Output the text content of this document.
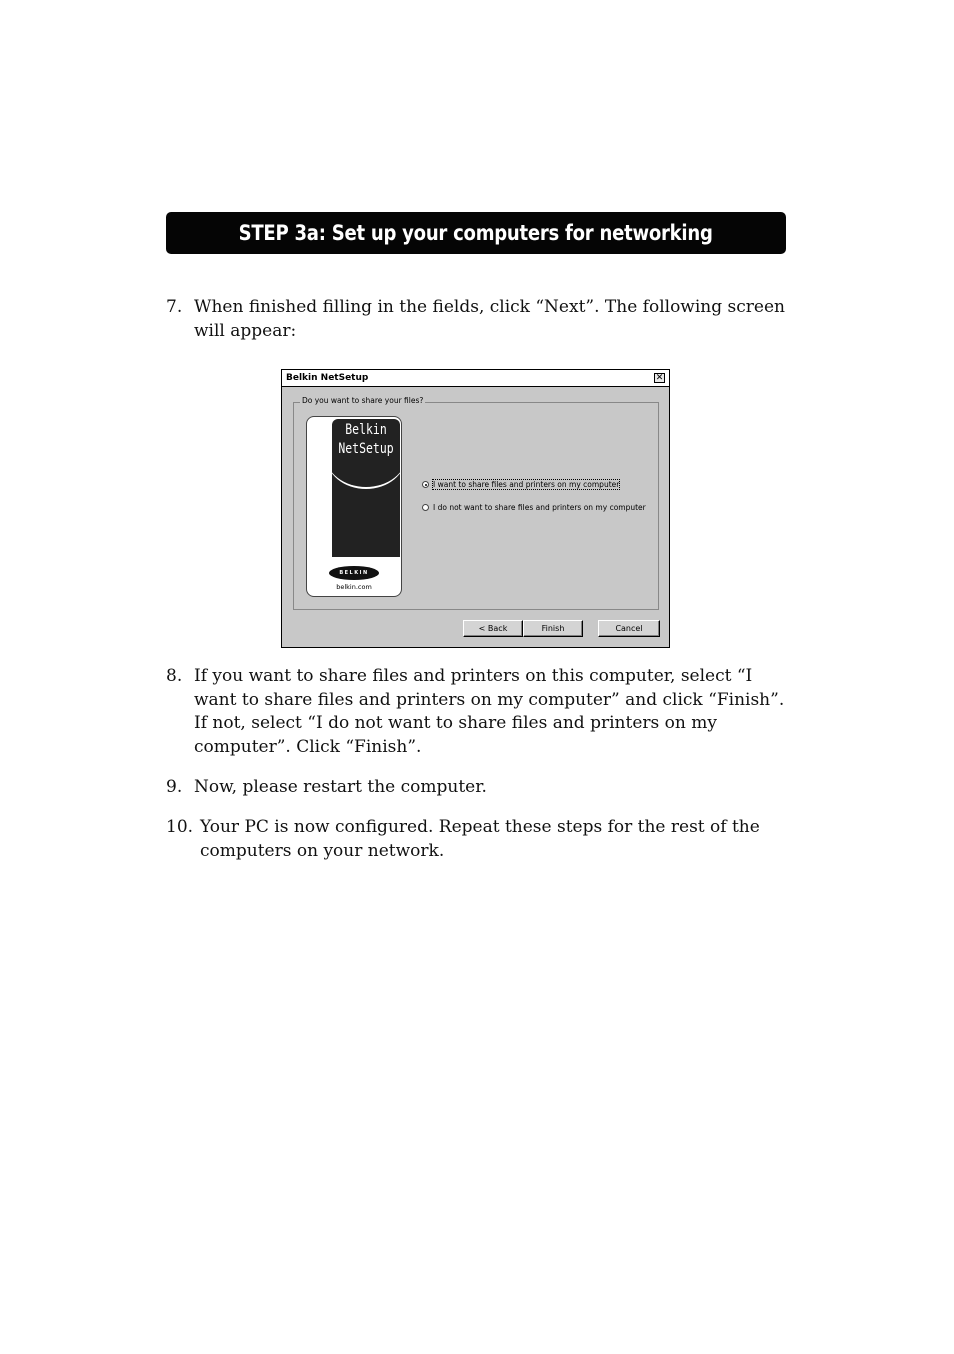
STEP 3a: Set up your computers for networking
7. When finished filling in the fields, click “Next”. The following screen will appear:
Belkin NetSetup	✕
Do you want to share your files?
Belkin
NetSetup
BELKIN
belkin.com
I want to share files and printers on my computer
I do not want to share files and printers on my computer
< Back	Finish	Cancel
8. If you want to share files and printers on this computer, select “I want to share files and printers on my computer” and click “Finish”. If not, select “I do not want to share files and printers on my computer”. Click “Finish”.
9. Now, please restart the computer.
10. Your PC is now configured. Repeat these steps for the rest of the computers on your network.
